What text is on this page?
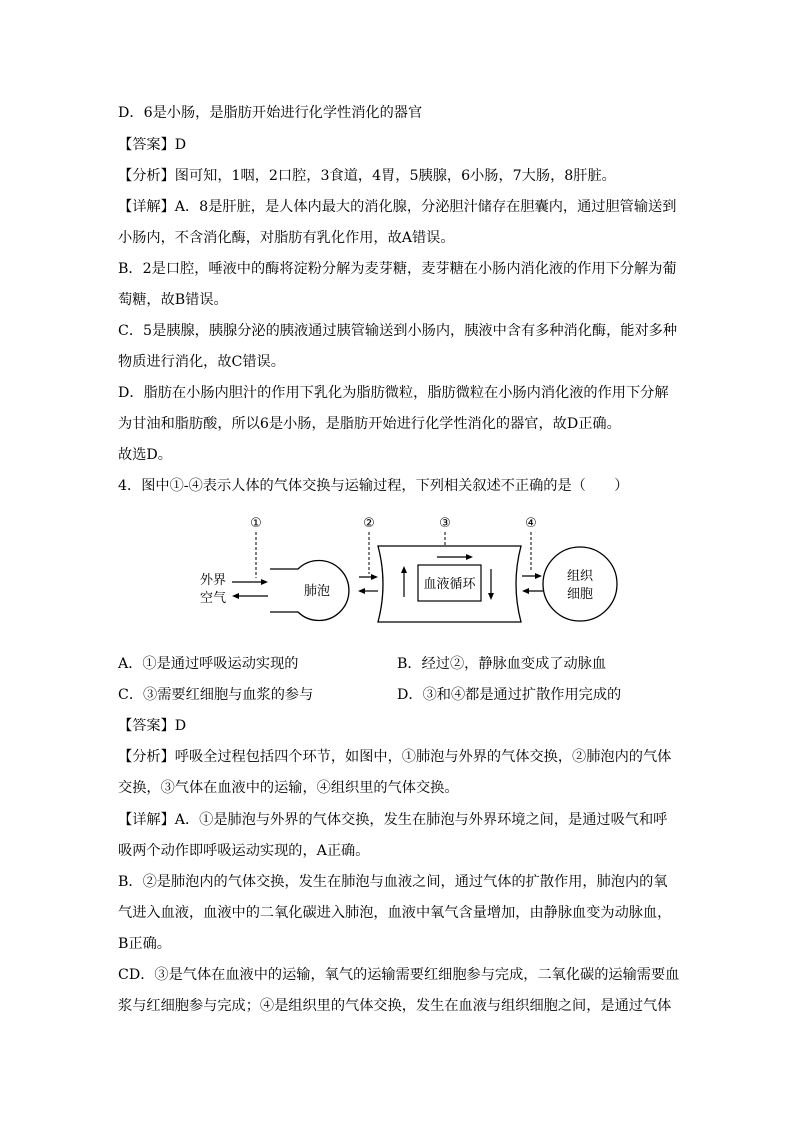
D．6是小肠，是脂肪开始进行化学性消化的器官
【答案】D
【分析】图可知，1咽，2口腔，3食道，4胃，5胰腺，6小肠，7大肠，8肝脏。
【详解】A．8是肝脏，是人体内最大的消化腺，分泌胆汁储存在胆囊内，通过胆管输送到
小肠内，不含消化酶，对脂肪有乳化作用，故A错误。
B．2是口腔，唾液中的酶将淀粉分解为麦芽糖，麦芽糖在小肠内消化液的作用下分解为葡
萄糖，故B错误。
C．5是胰腺，胰腺分泌的胰液通过胰管输送到小肠内，胰液中含有多种消化酶，能对多种
物质进行消化，故C错误。
D．脂肪在小肠内胆汁的作用下乳化为脂肪微粒，脂肪微粒在小肠内消化液的作用下分解
为甘油和脂肪酸，所以6是小肠，是脂肪开始进行化学性消化的器官，故D正确。
故选D。
4．图中①-④表示人体的气体交换与运输过程，下列相关叙述不正确的是（　　）
①	②	③	④
外界
空气	肺泡	血液循环
组织
细胞
A．①是通过呼吸运动实现的	B．经过②，静脉血变成了动脉血
C．③需要红细胞与血浆的参与	D．③和④都是通过扩散作用完成的
【答案】D
【分析】呼吸全过程包括四个环节，如图中，①肺泡与外界的气体交换，②肺泡内的气体
交换，③气体在血液中的运输，④组织里的气体交换。
【详解】A．①是肺泡与外界的气体交换，发生在肺泡与外界环境之间，是通过吸气和呼
吸两个动作即呼吸运动实现的，A正确。
B．②是肺泡内的气体交换，发生在肺泡与血液之间，通过气体的扩散作用，肺泡内的氧
气进入血液，血液中的二氧化碳进入肺泡，血液中氧气含量增加，由静脉血变为动脉血，
B正确。
CD．③是气体在血液中的运输，氧气的运输需要红细胞参与完成，二氧化碳的运输需要血
浆与红细胞参与完成；④是组织里的气体交换，发生在血液与组织细胞之间，是通过气体
